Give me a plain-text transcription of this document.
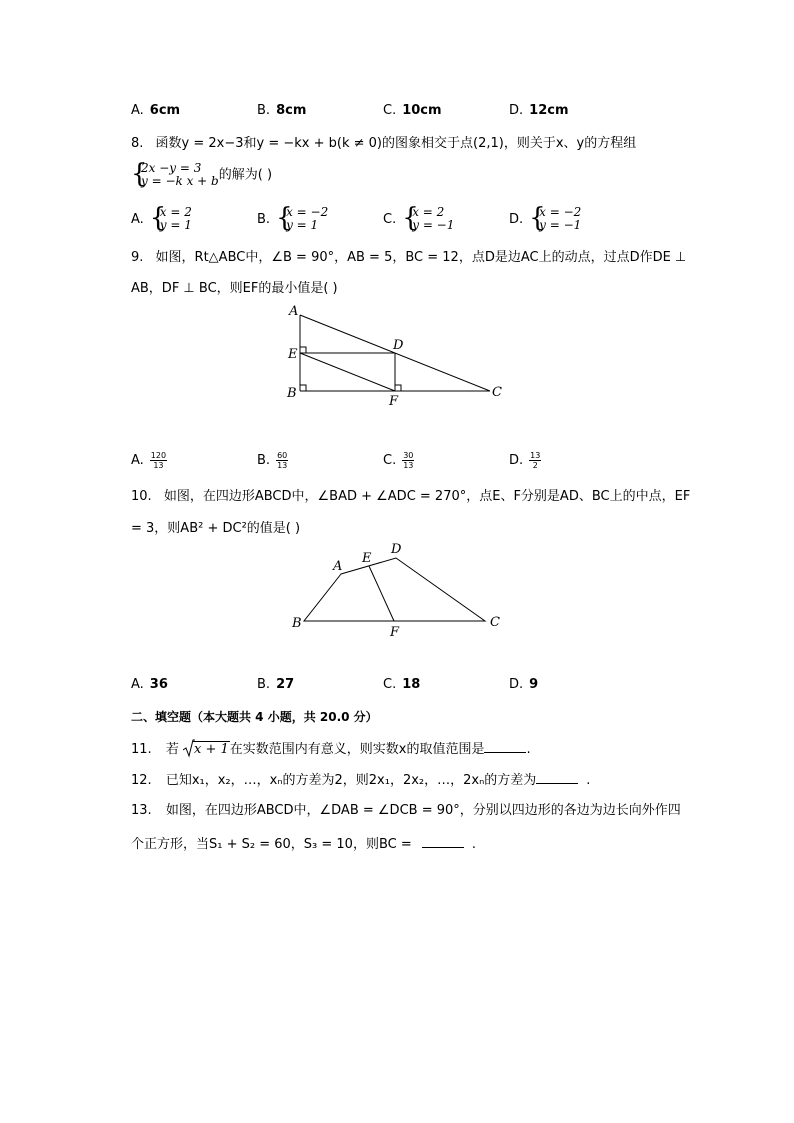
A. 6cm	B. 8cm	C. 10cm	D. 12cm
8. 函数y = 2x−3和y = −kx + b(k ≠ 0)的图象相交于点(2,1)，则关于x、y的方程组
{
2x −y = 3
y = −k x + b 的解为( )
A. {
x = 2
y = 1	B. {
x = −2
y = 1	C. {
x = 2
y = −1	D. {
x = −2
y = −1
9. 如图，Rt△ABC中，∠B = 90°，AB = 5，BC = 12，点D是边AC上的动点，过点D作DE ⊥
AB，DF ⊥ BC，则EF的最小值是( )
A
B	C
D
E
F
A. $\frac{120}{13}$	B. $\frac{60}{13}$	C. $\frac{30}{13}$	D. $\frac{13}{2}$
10. 如图，在四边形ABCD中，∠BAD + ∠ADC = 270°，点E、F分别是AD、BC上的中点，EF
= 3，则AB² + DC²的值是( )
A
B	C
D
E
F
A. 36	B. 27	C. 18	D. 9
二、填空题（本大题共 4 小题，共 20.0 分）
11. 若 x + 1在实数范围内有意义，则实数x的取值范围是	.
12. 已知x₁，x₂，…，xₙ的方差为2，则2x₁，2x₂，…，2xₙ的方差为	.
13. 如图，在四边形ABCD中，∠DAB = ∠DCB = 90°，分别以四边形的各边为边长向外作四
个正方形，当S₁ + S₂ = 60，S₃ = 10，则BC =	.
